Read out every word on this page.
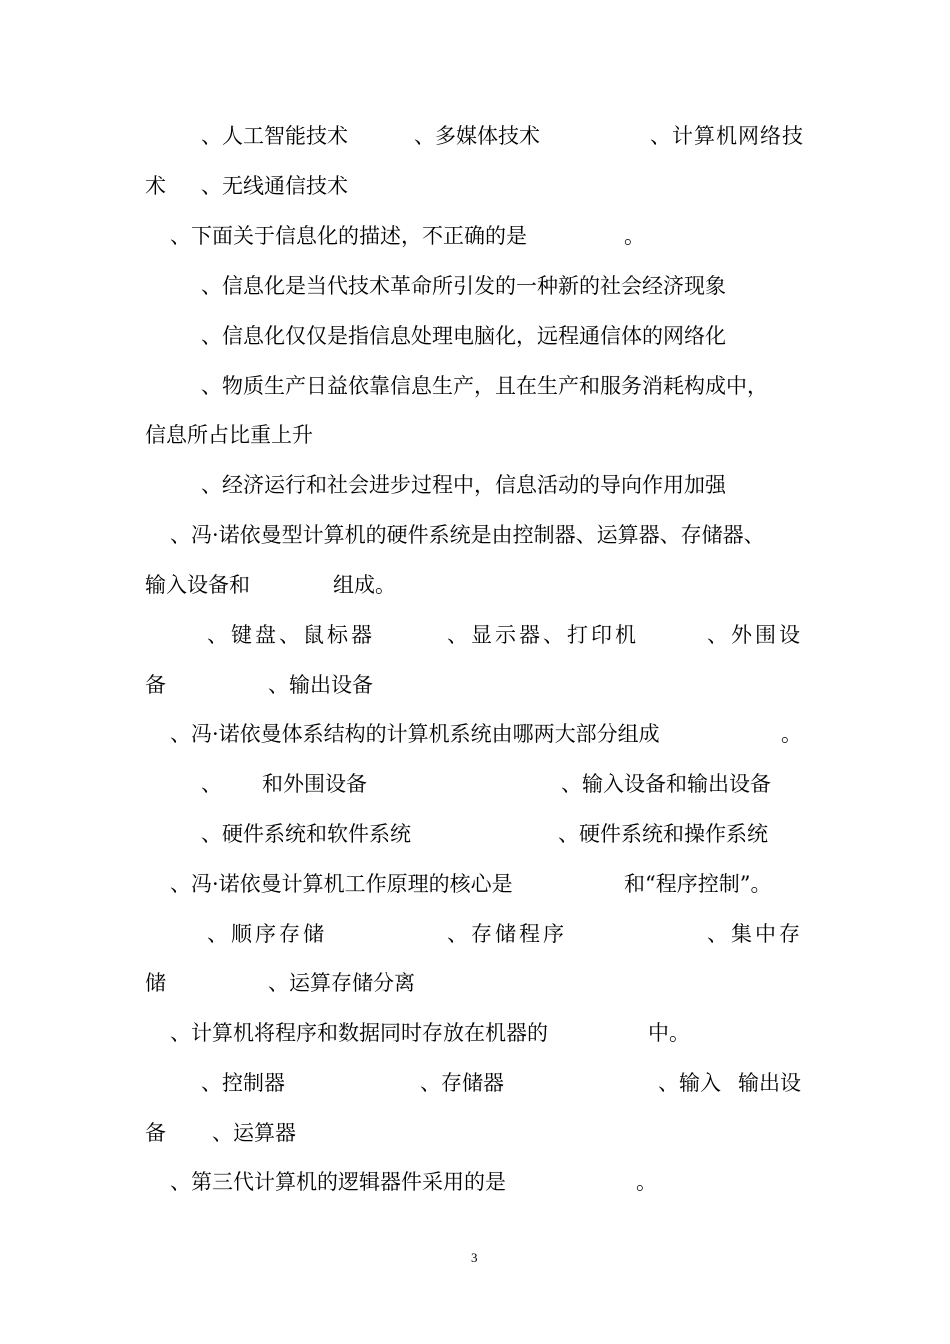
、人工智能技术	、多媒体技术	、计算机网络技
术 、无线通信技术
、下面关于信息化的描述，不正确的是	。
、信息化是当代技术革命所引发的一种新的社会经济现象
、信息化仅仅是指信息处理电脑化，远程通信体的网络化
、物质生产日益依靠信息生产，且在生产和服务消耗构成中，
信息所占比重上升
、经济运行和社会进步过程中，信息活动的导向作用加强
、冯·诺依曼型计算机的硬件系统是由控制器、运算器、存储器、
输入设备和	组成。
、键盘、鼠标器	、显示器、打印机	、外围设
备	、输出设备
、冯·诺依曼体系结构的计算机系统由哪两大部分组成	。
、 和外围设备	、输入设备和输出设备
、硬件系统和软件系统	、硬件系统和操作系统
、冯·诺依曼计算机工作原理的核心是	和“程序控制”。
、顺序存储	、存储程序	、集中存
储	、运算存储分离
、计算机将程序和数据同时存放在机器的	中。
、控制器	、存储器	、输入 输出设
备 、运算器
、第三代计算机的逻辑器件采用的是	。
3
